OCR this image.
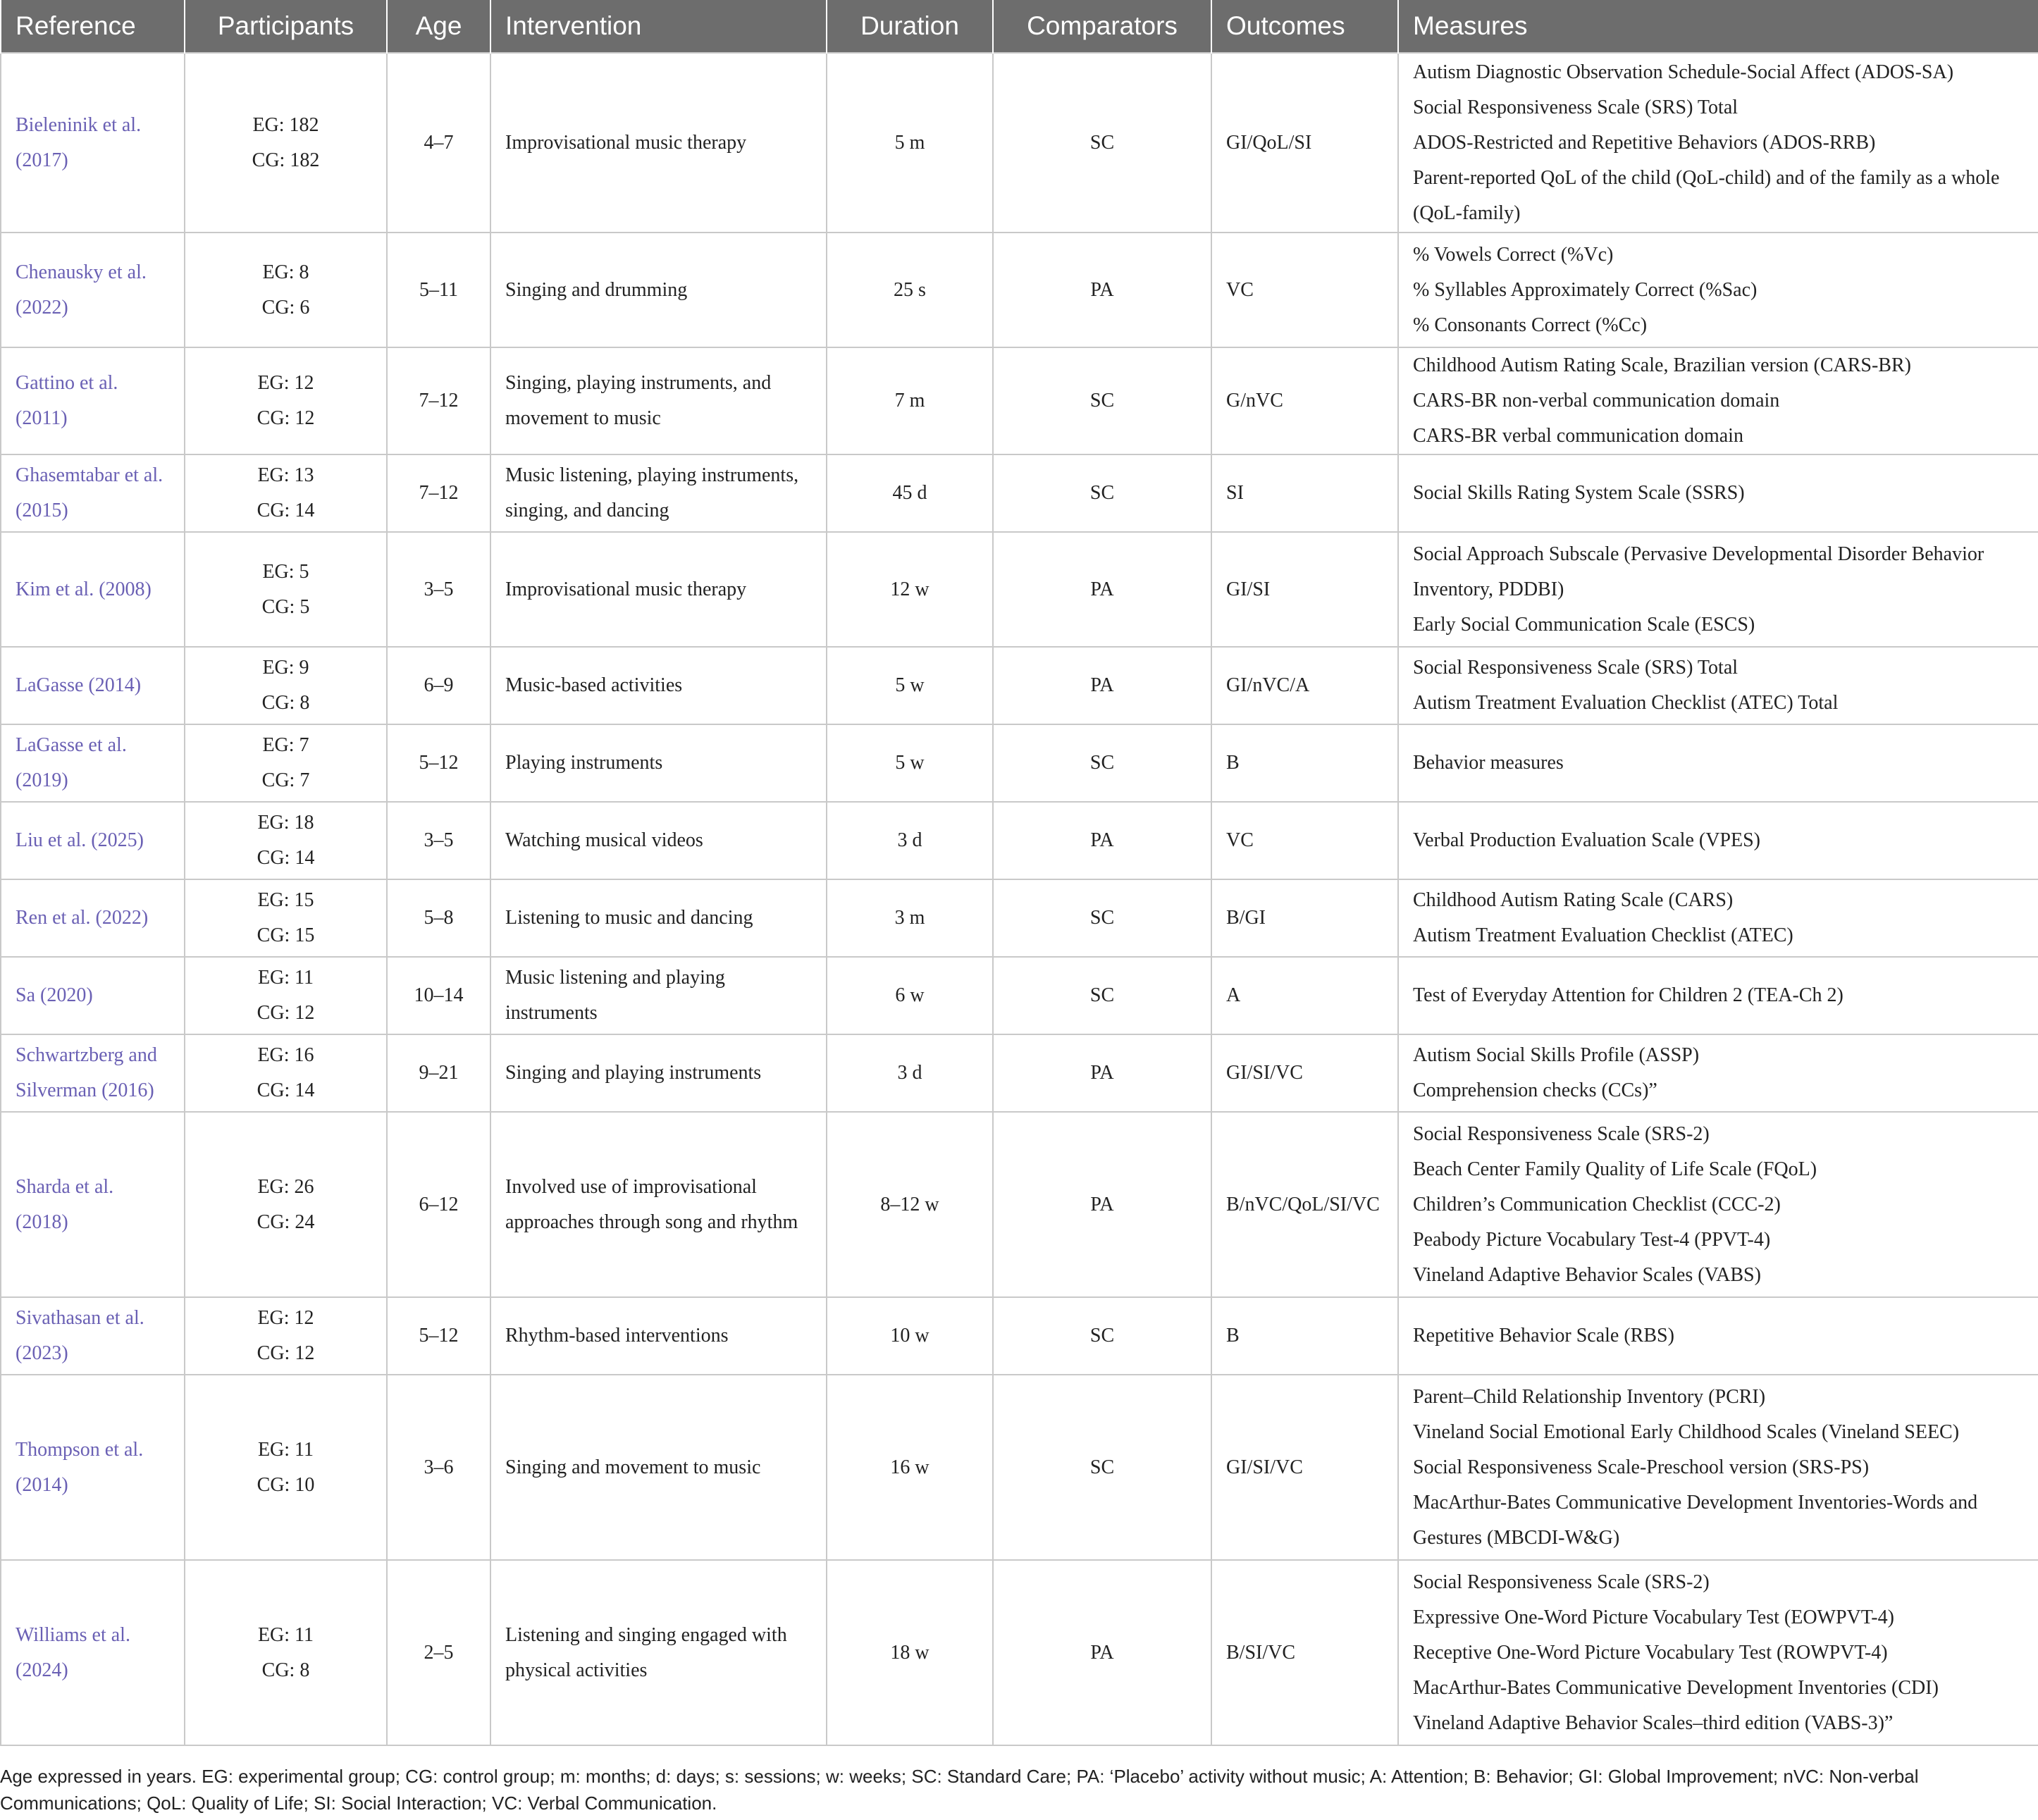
Reference	Participants	Age	Intervention	Duration	Comparators	Outcomes	Measures

Bieleninik et al.
(2017)	EG: 182
CG: 182	4–7	Improvisational music therapy	5 m	SC	GI/QoL/SI	Autism Diagnostic Observation Schedule-Social Affect (ADOS-SA)
Social Responsiveness Scale (SRS) Total
ADOS-Restricted and Repetitive Behaviors (ADOS-RRB)
Parent-reported QoL of the child (QoL-child) and of the family as a whole
(QoL-family)

Chenausky et al.
(2022)	EG: 8
CG: 6	5–11	Singing and drumming	25 s	PA	VC	% Vowels Correct (%Vc)
% Syllables Approximately Correct (%Sac)
% Consonants Correct (%Cc)

Gattino et al.
(2011)	EG: 12
CG: 12	7–12	Singing, playing instruments, and movement to music	7 m	SC	G/nVC	Childhood Autism Rating Scale, Brazilian version (CARS-BR)
CARS-BR non-verbal communication domain
CARS-BR verbal communication domain

Ghasemtabar et al.
(2015)	EG: 13
CG: 14	7–12	Music listening, playing instruments, singing, and dancing	45 d	SC	SI	Social Skills Rating System Scale (SSRS)

Kim et al. (2008)	EG: 5
CG: 5	3–5	Improvisational music therapy	12 w	PA	GI/SI	Social Approach Subscale (Pervasive Developmental Disorder Behavior
Inventory, PDDBI)
Early Social Communication Scale (ESCS)

LaGasse (2014)	EG: 9
CG: 8	6–9	Music-based activities	5 w	PA	GI/nVC/A	Social Responsiveness Scale (SRS) Total
Autism Treatment Evaluation Checklist (ATEC) Total

LaGasse et al.
(2019)	EG: 7
CG: 7	5–12	Playing instruments	5 w	SC	B	Behavior measures

Liu et al. (2025)	EG: 18
CG: 14	3–5	Watching musical videos	3 d	PA	VC	Verbal Production Evaluation Scale (VPES)

Ren et al. (2022)	EG: 15
CG: 15	5–8	Listening to music and dancing	3 m	SC	B/GI	Childhood Autism Rating Scale (CARS)
Autism Treatment Evaluation Checklist (ATEC)

Sa (2020)	EG: 11
CG: 12	10–14	Music listening and playing instruments	6 w	SC	A	Test of Everyday Attention for Children 2 (TEA-Ch 2)

Schwartzberg and
Silverman (2016)	EG: 16
CG: 14	9–21	Singing and playing instruments	3 d	PA	GI/SI/VC	Autism Social Skills Profile (ASSP)
Comprehension checks (CCs)”

Sharda et al.
(2018)	EG: 26
CG: 24	6–12	Involved use of improvisational approaches through song and rhythm	8–12 w	PA	B/nVC/QoL/SI/VC	Social Responsiveness Scale (SRS-2)
Beach Center Family Quality of Life Scale (FQoL)
Children’s Communication Checklist (CCC-2)
Peabody Picture Vocabulary Test-4 (PPVT-4)
Vineland Adaptive Behavior Scales (VABS)

Sivathasan et al.
(2023)	EG: 12
CG: 12	5–12	Rhythm-based interventions	10 w	SC	B	Repetitive Behavior Scale (RBS)

Thompson et al.
(2014)	EG: 11
CG: 10	3–6	Singing and movement to music	16 w	SC	GI/SI/VC	Parent–Child Relationship Inventory (PCRI)
Vineland Social Emotional Early Childhood Scales (Vineland SEEC)
Social Responsiveness Scale-Preschool version (SRS-PS)
MacArthur-Bates Communicative Development Inventories-Words and
Gestures (MBCDI-W&G)

Williams et al.
(2024)	EG: 11
CG: 8	2–5	Listening and singing engaged with physical activities	18 w	PA	B/SI/VC	Social Responsiveness Scale (SRS-2)
Expressive One-Word Picture Vocabulary Test (EOWPVT-4)
Receptive One-Word Picture Vocabulary Test (ROWPVT-4)
MacArthur-Bates Communicative Development Inventories (CDI)
Vineland Adaptive Behavior Scales–third edition (VABS-3)”
Age expressed in years. EG: experimental group; CG: control group; m: months; d: days; s: sessions; w: weeks; SC: Standard Care; PA: ‘Placebo’ activity without music; A: Attention; B: Behavior; GI: Global Improvement; nVC: Non-verbal Communications; QoL: Quality of Life; SI: Social Interaction; VC: Verbal Communication.
